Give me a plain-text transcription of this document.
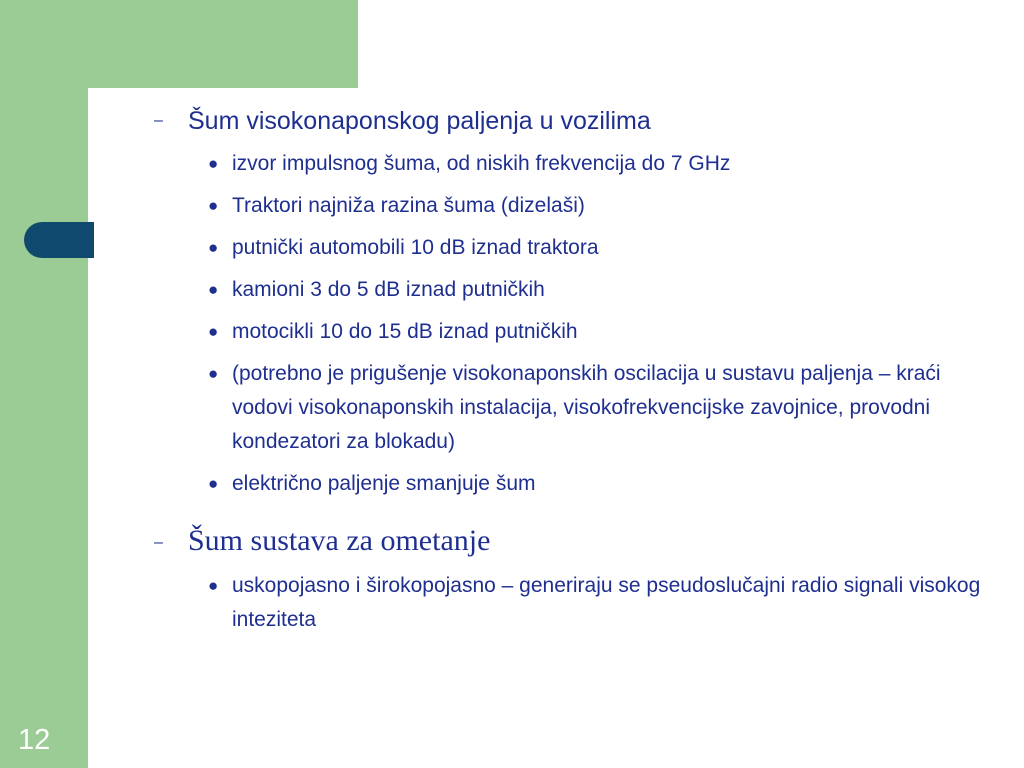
12
– Šum visokonaponskog paljenja u vozilima
● izvor impulsnog šuma, od niskih frekvencija do 7 GHz
● Traktori najniža razina šuma (dizelaši)
● putnički automobili 10 dB iznad traktora
● kamioni 3 do 5 dB iznad putničkih
● motocikli 10 do 15 dB iznad putničkih
● (potrebno je prigušenje visokonaponskih oscilacija u sustavu paljenja – kraći vodovi visokonaponskih instalacija, visokofrekvencijske zavojnice, provodni kondezatori za blokadu)
● električno paljenje smanjuje šum
– Šum sustava za ometanje
● uskopojasno i širokopojasno – generiraju se pseudoslučajni radio signali visokog inteziteta
